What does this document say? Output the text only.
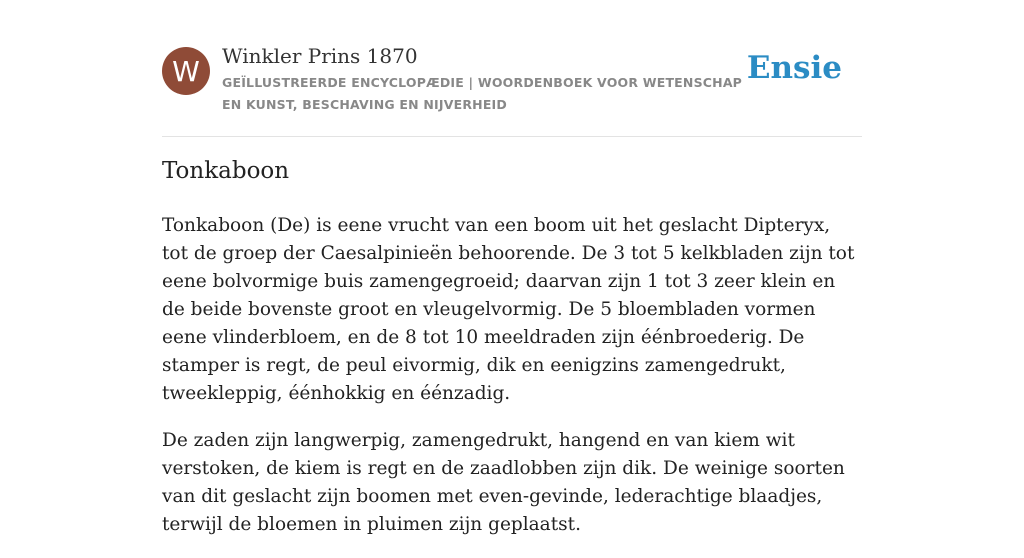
W	Winkler Prins 1870
GEÏLLUSTREERDE ENCYCLOPÆDIE | WOORDENBOEK VOOR WETENSCHAP EN KUNST, BESCHAVING EN NIJVERHEID
Ensie
Tonkaboon

Tonkaboon (De) is eene vrucht van een boom uit het geslacht Dipteryx, tot de groep der Caesalpinieën behoorende. De 3 tot 5 kelkbladen zijn tot eene bolvormige buis zamengegroeid; daarvan zijn 1 tot 3 zeer klein en de beide bovenste groot en vleugelvormig. De 5 bloembladen vormen eene vlinderbloem, en de 8 tot 10 meeldraden zijn éénbroederig. De stamper is regt, de peul eivormig, dik en eenigzins zamengedrukt, tweekleppig, éénhokkig en éénzadig.

De zaden zijn langwerpig, zamengedrukt, hangend en van kiem wit verstoken, de kiem is regt en de zaadlobben zijn dik. De weinige soorten van dit geslacht zijn boomen met even-gevinde, lederachtige blaadjes, terwijl de bloemen in pluimen zijn geplaatst.
